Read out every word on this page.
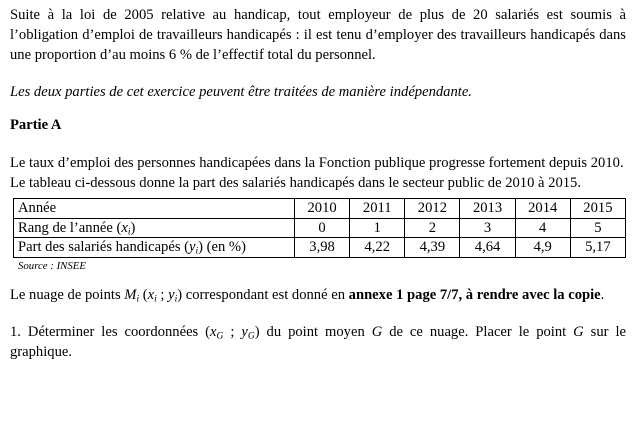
Suite à la loi de 2005 relative au handicap, tout employeur de plus de 20 salariés est soumis à l’obligation d’emploi de travailleurs handicapés : il est tenu d’employer des travailleurs handicapés dans une proportion d’au moins 6 % de l’effectif total du personnel.

Les deux parties de cet exercice peuvent être traitées de manière indépendante.

Partie A

Le taux d’emploi des personnes handicapées dans la Fonction publique progresse fortement depuis 2010.

Le tableau ci-dessous donne la part des salariés handicapés dans le secteur public de 2010 à 2015.

Année	2010	2011	2012	2013	2014	2015
Rang de l’année (xi)	0	1	2	3	4	5
Part des salariés handicapés (yi) (en %)	3,98	4,22	4,39	4,64	4,9	5,17

Source : INSEE

Le nuage de points Mi (xi ; yi) correspondant est donné en annexe 1 page 7/7, à rendre avec la copie.

1. Déterminer les coordonnées (xG ; yG) du point moyen G de ce nuage. Placer le point G sur le graphique.
